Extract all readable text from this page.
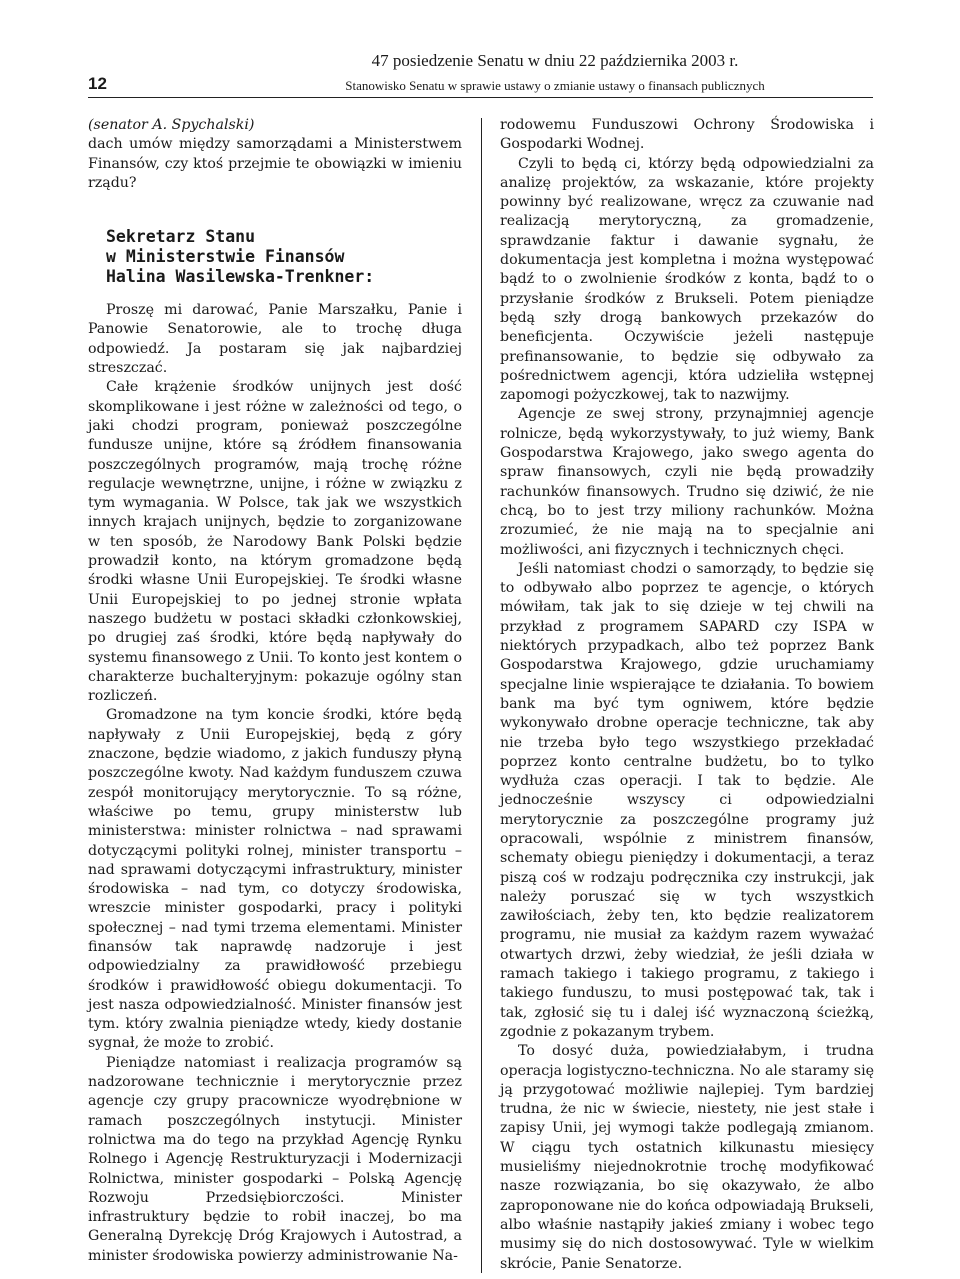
12
47 posiedzenie Senatu w dniu 22 października 2003 r.
Stanowisko Senatu w sprawie ustawy o zmianie ustawy o finansach publicznych

(senator A. Spychalski)

dach umów między samorządami a Ministerstwem Finansów, czy ktoś przejmie te obowiązki w imieniu rządu?

Sekretarz Stanu
w Ministerstwie Finansów
Halina Wasilewska-Trenkner:

Proszę mi darować, Panie Marszałku, Panie i Panowie Senatorowie, ale to trochę długa odpowiedź. Ja postaram się jak najbardziej streszczać.

Całe krążenie środków unijnych jest dość skomplikowane i jest różne w zależności od tego, o jaki chodzi program, ponieważ poszczególne fundusze unijne, które są źródłem finansowania poszczególnych programów, mają trochę różne regulacje wewnętrzne, unijne, i różne w związku z tym wymagania. W Polsce, tak jak we wszystkich innych krajach unijnych, będzie to zorganizowane w ten sposób, że Narodowy Bank Polski będzie prowadził konto, na którym gromadzone będą środki własne Unii Europejskiej. Te środki własne Unii Europejskiej to po jednej stronie wpłata naszego budżetu w postaci składki członkowskiej, po drugiej zaś środki, które będą napływały do systemu finansowego z Unii. To konto jest kontem o charakterze buchalteryjnym: pokazuje ogólny stan rozliczeń.

Gromadzone na tym koncie środki, które będą napływały z Unii Europejskiej, będą z góry znaczone, będzie wiadomo, z jakich funduszy płyną poszczególne kwoty. Nad każdym funduszem czuwa zespół monitorujący merytorycznie. To są różne, właściwe po temu, grupy ministerstw lub ministerstwa: minister rolnictwa – nad sprawami dotyczącymi polityki rolnej, minister transportu – nad sprawami dotyczącymi infrastruktury, minister środowiska – nad tym, co dotyczy środowiska, wreszcie minister gospodarki, pracy i polityki społecznej – nad tymi trzema elementami. Minister finansów tak naprawdę nadzoruje i jest odpowiedzialny za prawidłowość przebiegu środków i prawidłowość obiegu dokumentacji. To jest nasza odpowiedzialność. Minister finansów jest tym. który zwalnia pieniądze wtedy, kiedy dostanie sygnał, że może to zrobić.

Pieniądze natomiast i realizacja programów są nadzorowane technicznie i merytorycznie przez agencje czy grupy pracownicze wyodrębnione w ramach poszczególnych instytucji. Minister rolnictwa ma do tego na przykład Agencję Rynku Rolnego i Agencję Restrukturyzacji i Modernizacji Rolnictwa, minister gospodarki – Polską Agencję Rozwoju Przedsiębiorczości. Minister infrastruktury będzie to robił inaczej, bo ma Generalną Dyrekcję Dróg Krajowych i Autostrad, a minister środowiska powierzy administrowanie Na-

rodowemu Funduszowi Ochrony Środowiska i Gospodarki Wodnej.

Czyli to będą ci, którzy będą odpowiedzialni za analizę projektów, za wskazanie, które projekty powinny być realizowane, wręcz za czuwanie nad realizacją merytoryczną, za gromadzenie, sprawdzanie faktur i dawanie sygnału, że dokumentacja jest kompletna i można występować bądź to o zwolnienie środków z konta, bądź to o przysłanie środków z Brukseli. Potem pieniądze będą szły drogą bankowych przekazów do beneficjenta. Oczywiście jeżeli następuje prefinansowanie, to będzie się odbywało za pośrednictwem agencji, która udzieliła wstępnej zapomogi pożyczkowej, tak to nazwijmy.

Agencje ze swej strony, przynajmniej agencje rolnicze, będą wykorzystywały, to już wiemy, Bank Gospodarstwa Krajowego, jako swego agenta do spraw finansowych, czyli nie będą prowadziły rachunków finansowych. Trudno się dziwić, że nie chcą, bo to jest trzy miliony rachunków. Można zrozumieć, że nie mają na to specjalnie ani możliwości, ani fizycznych i technicznych chęci.

Jeśli natomiast chodzi o samorządy, to będzie się to odbywało albo poprzez te agencje, o których mówiłam, tak jak to się dzieje w tej chwili na przykład z programem SAPARD czy ISPA w niektórych przypadkach, albo też poprzez Bank Gospodarstwa Krajowego, gdzie uruchamiamy specjalne linie wspierające te działania. To bowiem bank ma być tym ogniwem, które będzie wykonywało drobne operacje techniczne, tak aby nie trzeba było tego wszystkiego przekładać poprzez konto centralne budżetu, bo to tylko wydłuża czas operacji. I tak to będzie. Ale jednocześnie wszyscy ci odpowiedzialni merytorycznie za poszczególne programy już opracowali, wspólnie z ministrem finansów, schematy obiegu pieniędzy i dokumentacji, a teraz piszą coś w rodzaju podręcznika czy instrukcji, jak należy poruszać się w tych wszystkich zawiłościach, żeby ten, kto będzie realizatorem programu, nie musiał za każdym razem wyważać otwartych drzwi, żeby wiedział, że jeśli działa w ramach takiego i takiego programu, z takiego i takiego funduszu, to musi postępować tak, tak i tak, zgłosić się tu i dalej iść wyznaczoną ścieżką, zgodnie z pokazanym trybem.

To dosyć duża, powiedziałabym, i trudna operacja logistyczno-techniczna. No ale staramy się ją przygotować możliwie najlepiej. Tym bardziej trudna, że nic w świecie, niestety, nie jest stałe i zapisy Unii, jej wymogi także podlegają zmianom. W ciągu tych ostatnich kilkunastu miesięcy musieliśmy niejednokrotnie trochę modyfikować nasze rozwiązania, bo się okazywało, że albo zaproponowane nie do końca odpowiadają Brukseli, albo właśnie nastąpiły jakieś zmiany i wobec tego musimy się do nich dostosowywać. Tyle w wielkim skrócie, Panie Senatorze.
